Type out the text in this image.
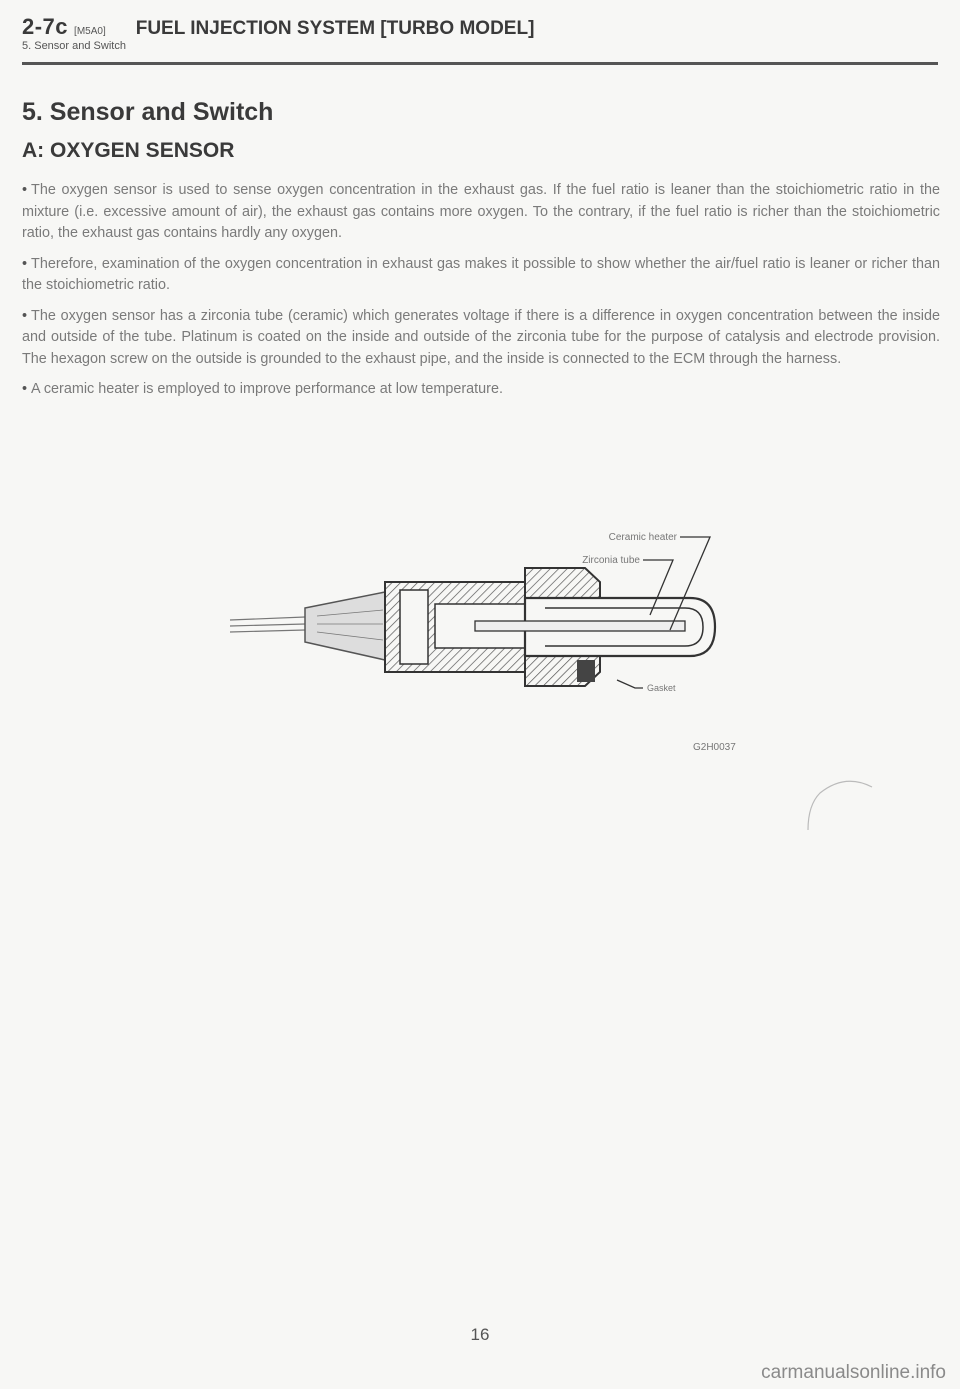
2-7c [M5A0] FUEL INJECTION SYSTEM [TURBO MODEL]
5. Sensor and Switch
5. Sensor and Switch
A: OXYGEN SENSOR

• The oxygen sensor is used to sense oxygen concentration in the exhaust gas. If the fuel ratio is leaner than the stoichiometric ratio in the mixture (i.e. excessive amount of air), the exhaust gas contains more oxygen. To the contrary, if the fuel ratio is richer than the stoichiometric ratio, the exhaust gas contains hardly any oxygen.

• Therefore, examination of the oxygen concentration in exhaust gas makes it possible to show whether the air/fuel ratio is leaner or richer than the stoichiometric ratio.

• The oxygen sensor has a zirconia tube (ceramic) which generates voltage if there is a difference in oxygen concentration between the inside and outside of the tube. Platinum is coated on the inside and outside of the zirconia tube for the purpose of catalysis and electrode provision. The hexagon screw on the outside is grounded to the exhaust pipe, and the inside is connected to the ECM through the harness.

• A ceramic heater is employed to improve performance at low temperature.

Ceramic heater
Zirconia tube
Gasket
G2H0037
16
carmanualsonline.info
